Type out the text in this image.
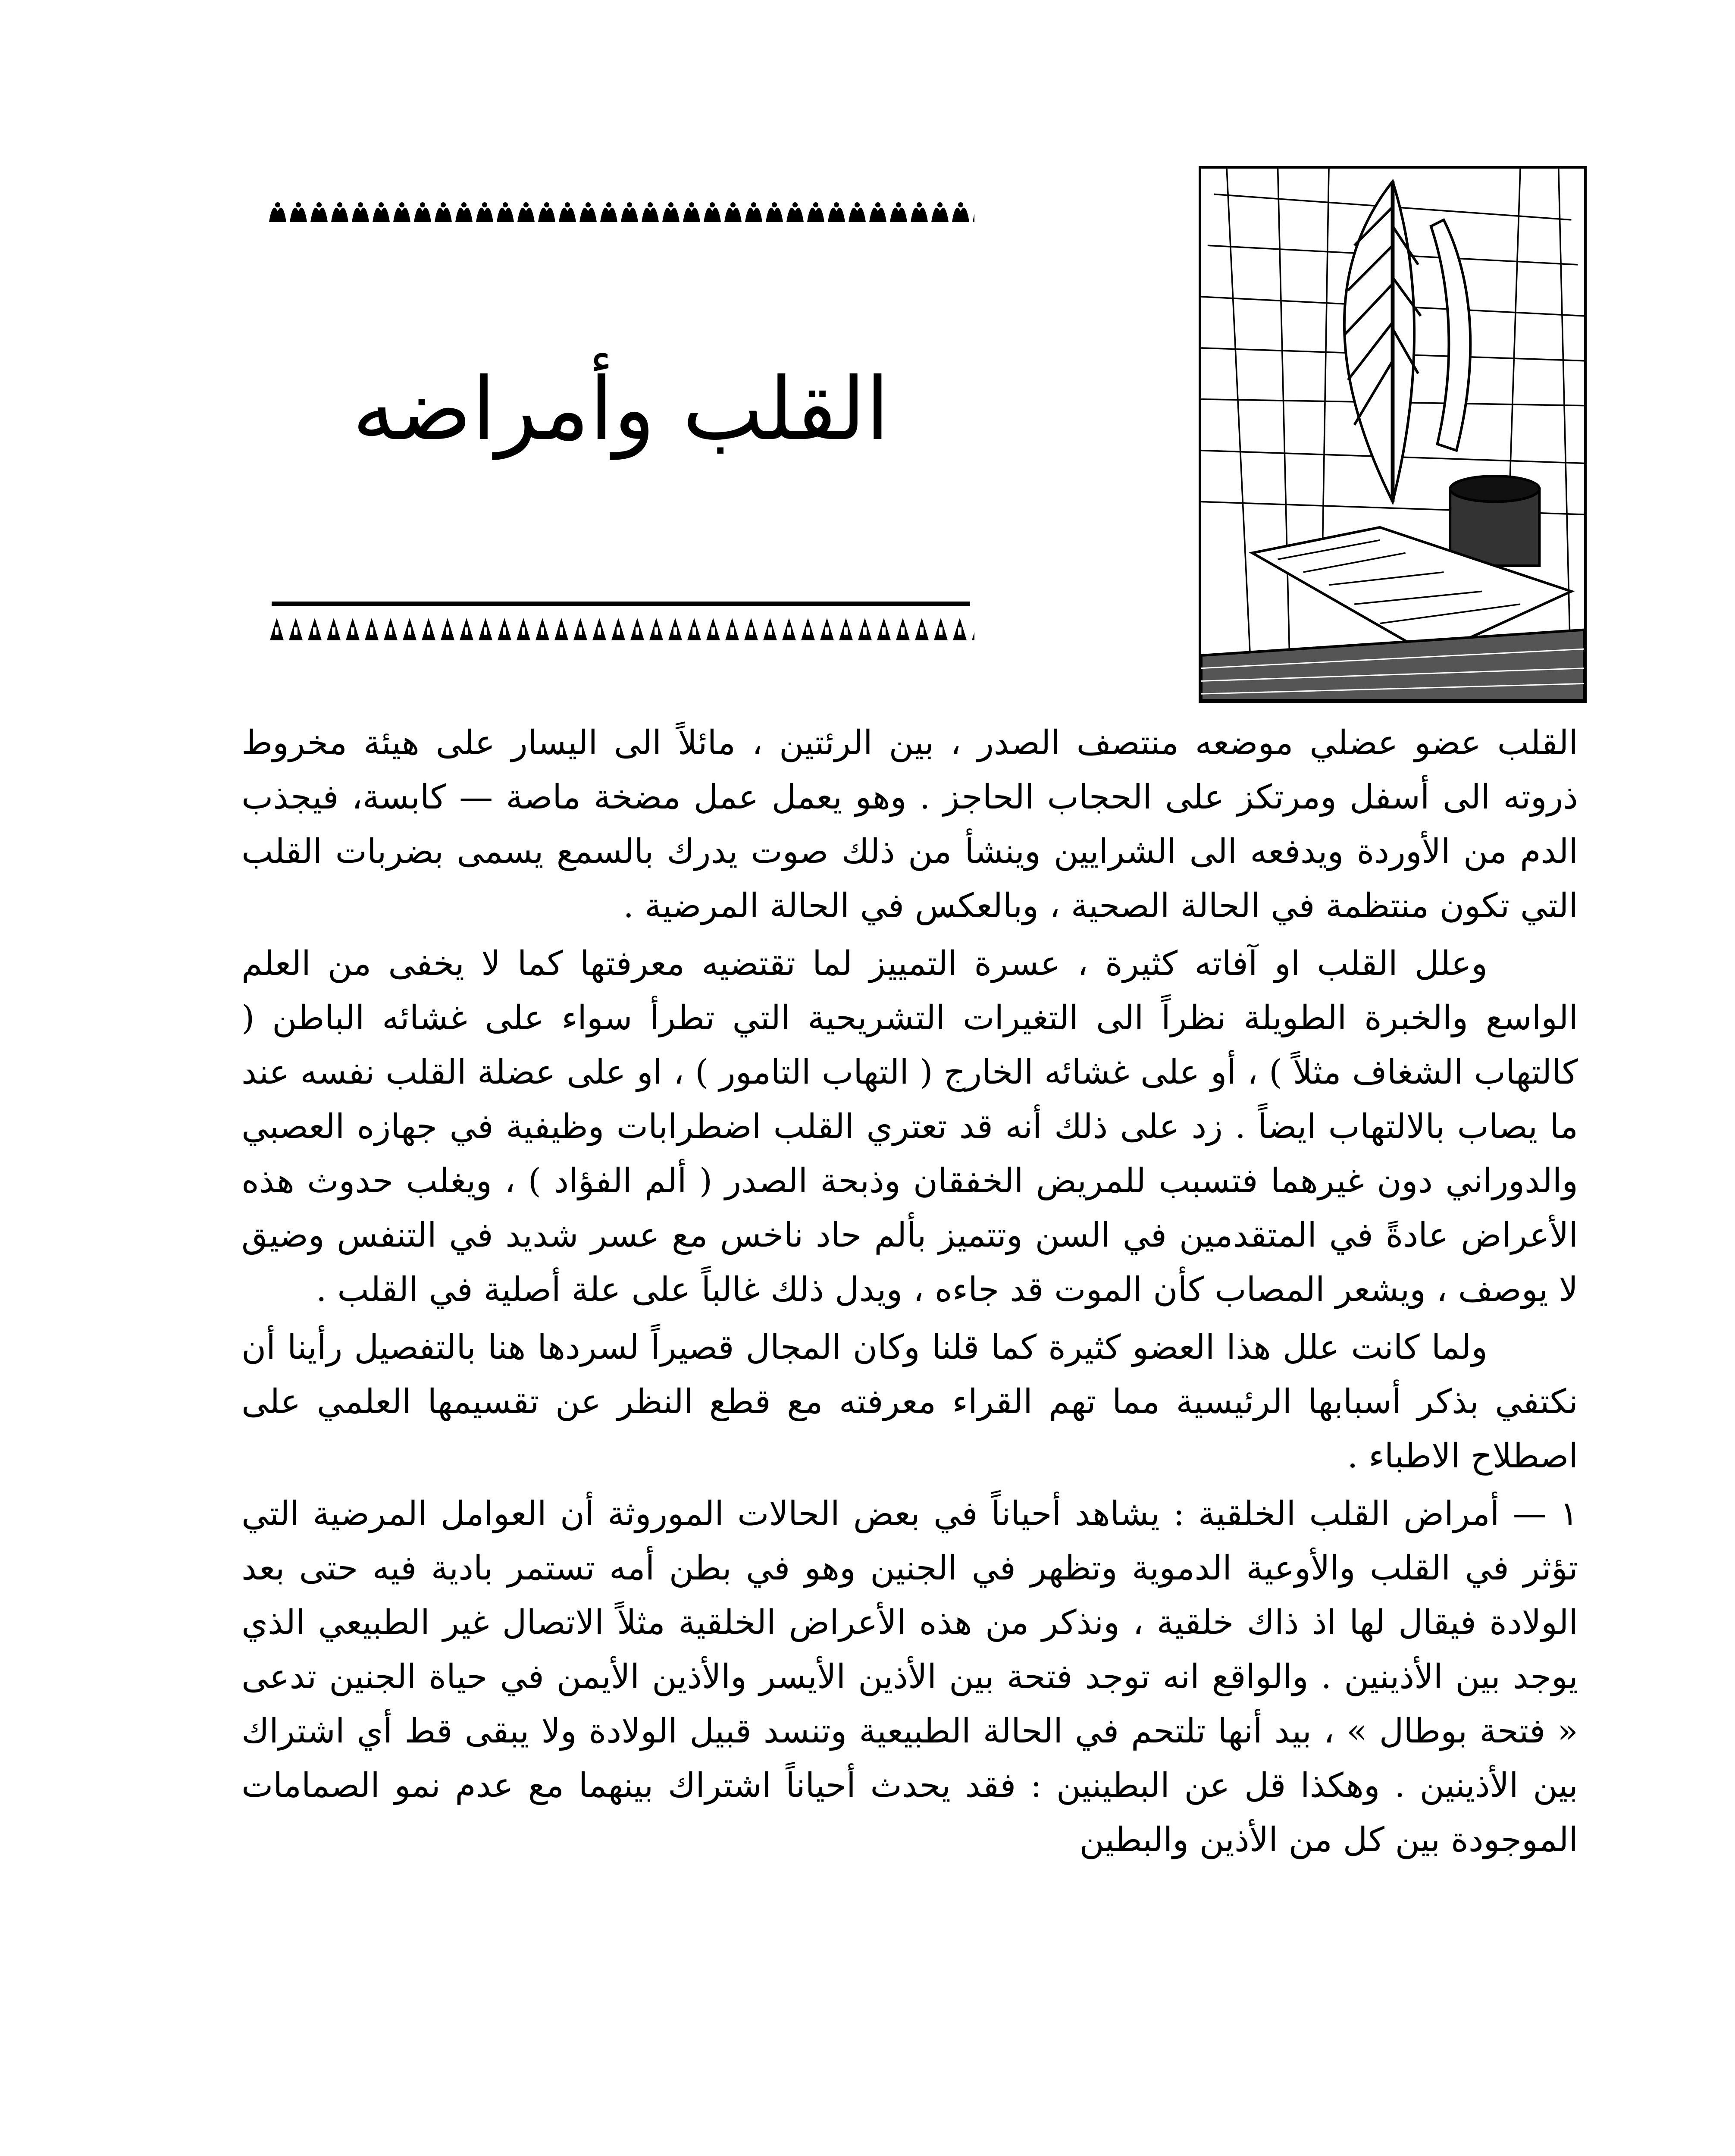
القلب وأمراضه

القلب عضو عضلي موضعه منتصف الصدر ، بين الرئتين ، مائلاً الى اليسار على هيئة مخروط ذروته الى أسفل ومرتكز على الحجاب الحاجز . وهو يعمل عمل مضخة ماصة — كابسة، فيجذب الدم من الأوردة ويدفعه الى الشرايين وينشأ من ذلك صوت يدرك بالسمع يسمى بضربات القلب التي تكون منتظمة في الحالة الصحية ، وبالعكس في الحالة المرضية .

وعلل القلب او آفاته كثيرة ، عسرة التمييز لما تقتضيه معرفتها كما لا يخفى من العلم الواسع والخبرة الطويلة نظراً الى التغيرات التشريحية التي تطرأ سواء على غشائه الباطن ( كالتهاب الشغاف مثلاً ) ، أو على غشائه الخارج ( التهاب التامور ) ، او على عضلة القلب نفسه عند ما يصاب بالالتهاب ايضاً . زد على ذلك أنه قد تعتري القلب اضطرابات وظيفية في جهازه العصبي والدوراني دون غيرهما فتسبب للمريض الخفقان وذبحة الصدر ( ألم الفؤاد ) ، ويغلب حدوث هذه الأعراض عادةً في المتقدمين في السن وتتميز بألم حاد ناخس مع عسر شديد في التنفس وضيق لا يوصف ، ويشعر المصاب كأن الموت قد جاءه ، ويدل ذلك غالباً على علة أصلية في القلب .

ولما كانت علل هذا العضو كثيرة كما قلنا وكان المجال قصيراً لسردها هنا بالتفصيل رأينا أن نكتفي بذكر أسبابها الرئيسية مما تهم القراء معرفته مع قطع النظر عن تقسيمها العلمي على اصطلاح الاطباء .

١ — أمراض القلب الخلقية : يشاهد أحياناً في بعض الحالات الموروثة أن العوامل المرضية التي تؤثر في القلب والأوعية الدموية وتظهر في الجنين وهو في بطن أمه تستمر بادية فيه حتى بعد الولادة فيقال لها اذ ذاك خلقية ، ونذكر من هذه الأعراض الخلقية مثلاً الاتصال غير الطبيعي الذي يوجد بين الأذينين . والواقع انه توجد فتحة بين الأذين الأيسر والأذين الأيمن في حياة الجنين تدعى « فتحة بوطال » ، بيد أنها تلتحم في الحالة الطبيعية وتنسد قبيل الولادة ولا يبقى قط أي اشتراك بين الأذينين . وهكذا قل عن البطينين : فقد يحدث أحياناً اشتراك بينهما مع عدم نمو الصمامات الموجودة بين كل من الأذين والبطين
